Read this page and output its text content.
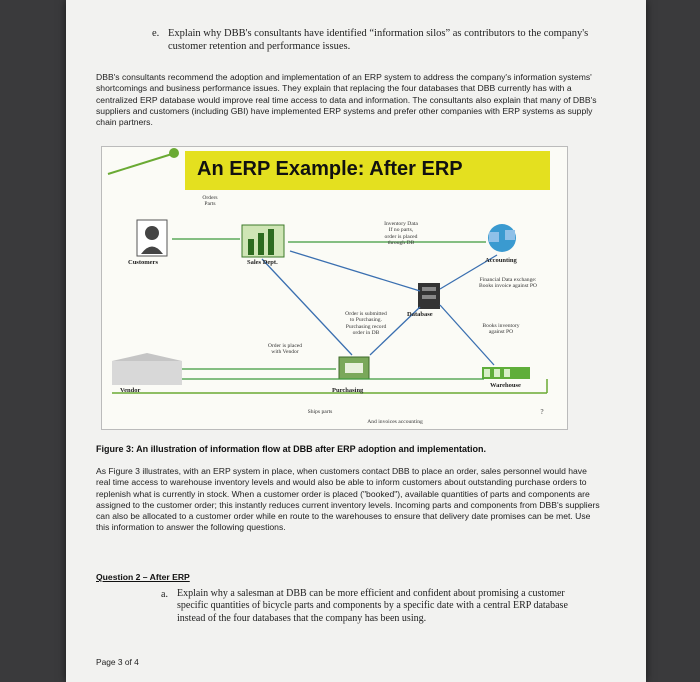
e. Explain why DBB's consultants have identified “information silos” as contributors to the company's customer retention and performance issues.
DBB's consultants recommend the adoption and implementation of an ERP system to address the company's information systems' shortcomings and business performance issues. They explain that replacing the four databases that DBB currently has with a centralized ERP database would improve real time access to data and information. The consultants also explain that many of DBB's suppliers and customers (including GBI) have implemented ERP systems and prefer other companies with ERP systems as supply chain partners.
An ERP Example: After ERP
Customers	Sales Dept.	Accounting
Database
Vendor	Purchasing
Warehouse
Orders
Parts
Inventory Data
If no parts,
order is placed
through DB
Financial Data exchange:
Books invoice against PO
Order is submitted
to Purchasing.
Purchasing record
order in DB
Books inventory
against PO
Order is placed
with Vendor
Ships parts
And invoices accounting
?
Figure 3: An illustration of information flow at DBB after ERP adoption and implementation.
As Figure 3 illustrates, with an ERP system in place, when customers contact DBB to place an order, sales personnel would have real time access to warehouse inventory levels and would also be able to inform customers about outstanding purchase orders to replenish what is currently in stock. When a customer order is placed ("booked"), available quantities of parts and components are assigned to the customer order; this instantly reduces current inventory levels. Incoming parts and components from DBB's suppliers can also be allocated to a customer order while en route to the warehouses to ensure that delivery date promises can be met. Use this information to answer the following questions.
Question 2 – After ERP
a. Explain why a salesman at DBB can be more efficient and confident about promising a customer specific quantities of bicycle parts and components by a specific date with a central ERP database instead of the four databases that the company has been using.
Page 3 of 4
